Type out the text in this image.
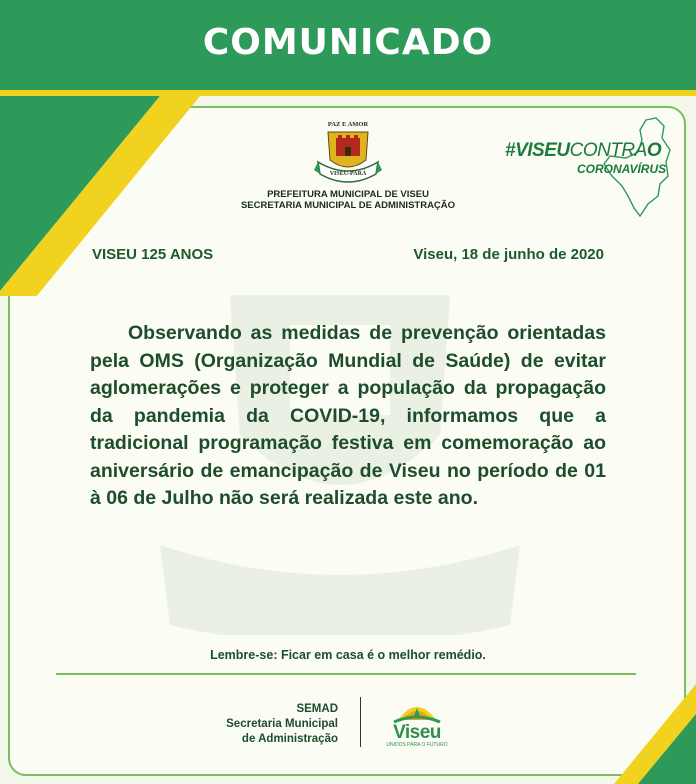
COMUNICADO
PAZ E AMOR
VISEU-PARÁ
PREFEITURA MUNICIPAL DE VISEU
SECRETARIA MUNICIPAL DE ADMINISTRAÇÃO
#VISEUCONTRAO
CORONAVÍRUS
VISEU 125 ANOS	Viseu, 18 de junho de 2020
Observando as medidas de prevenção orientadas pela OMS (Organização Mundial de Saúde) de evitar aglomerações e proteger a população da propagação da pandemia da COVID-19, informamos que a tradicional programação festiva em comemoração ao aniversário de emancipação de Viseu no período de 01 à 06 de Julho não será realizada este ano.
Lembre-se: Ficar em casa é o melhor remédio.
SEMAD
Secretaria Municipal
de Administração	Viseu
UNIDOS PARA O FUTURO
